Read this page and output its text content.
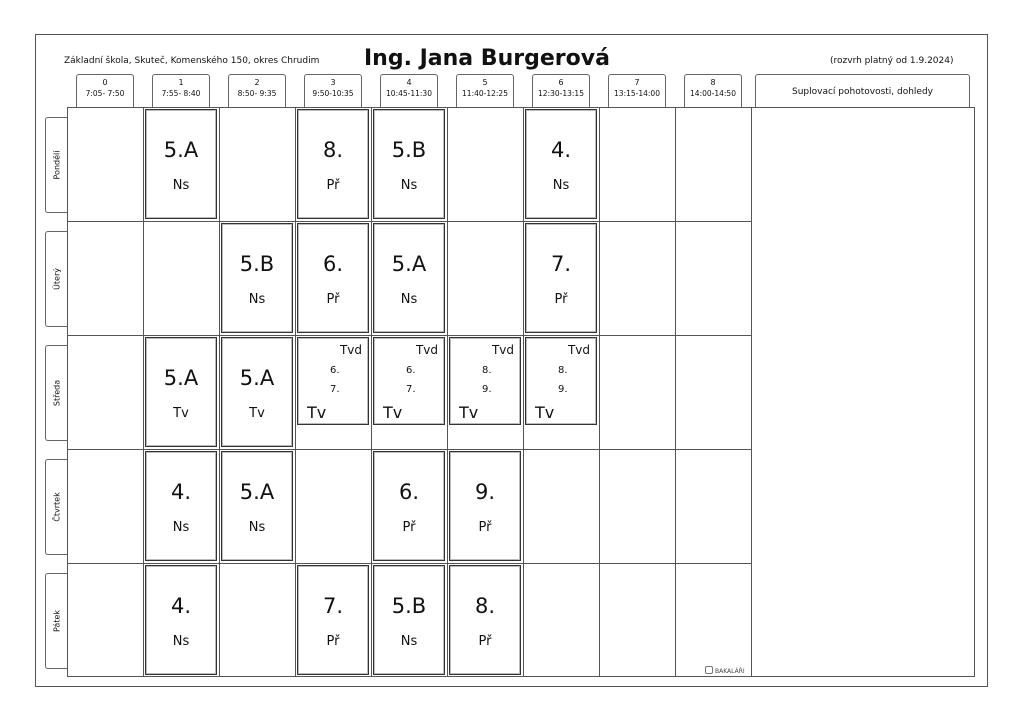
Základní škola, Skuteč, Komenského 150, okres Chrudim Ing. Jana Burgerová	(rozvrh platný od 1.9.2024)
0
7:05- 7:50
1
7:55- 8:40
2
8:50- 9:35
3
9:50-10:35
4
10:45-11:30
5
11:40-12:25
6
12:30-13:15
7
13:15-14:00
8
14:00-14:50	Suplovací pohotovosti, dohledy
Pondělí
Úterý
Středa
Čtvrtek
Pátek
5.A
Ns
8.
Př
5.B
Ns
4.
Ns
5.B
Ns
6.
Př
5.A
Ns
7.
Př
5.A
Tv
5.A
Tv
4.
Ns
5.A
Ns
6.
Př
9.
Př
4.
Ns
7.
Př
5.B
Ns
8.
Př
Tvd
6.
7.
Tv
Tvd
6.
7.
Tv
Tvd
8.
9.
Tv
Tvd
8.
9.
Tv
BAKALÁŘI
